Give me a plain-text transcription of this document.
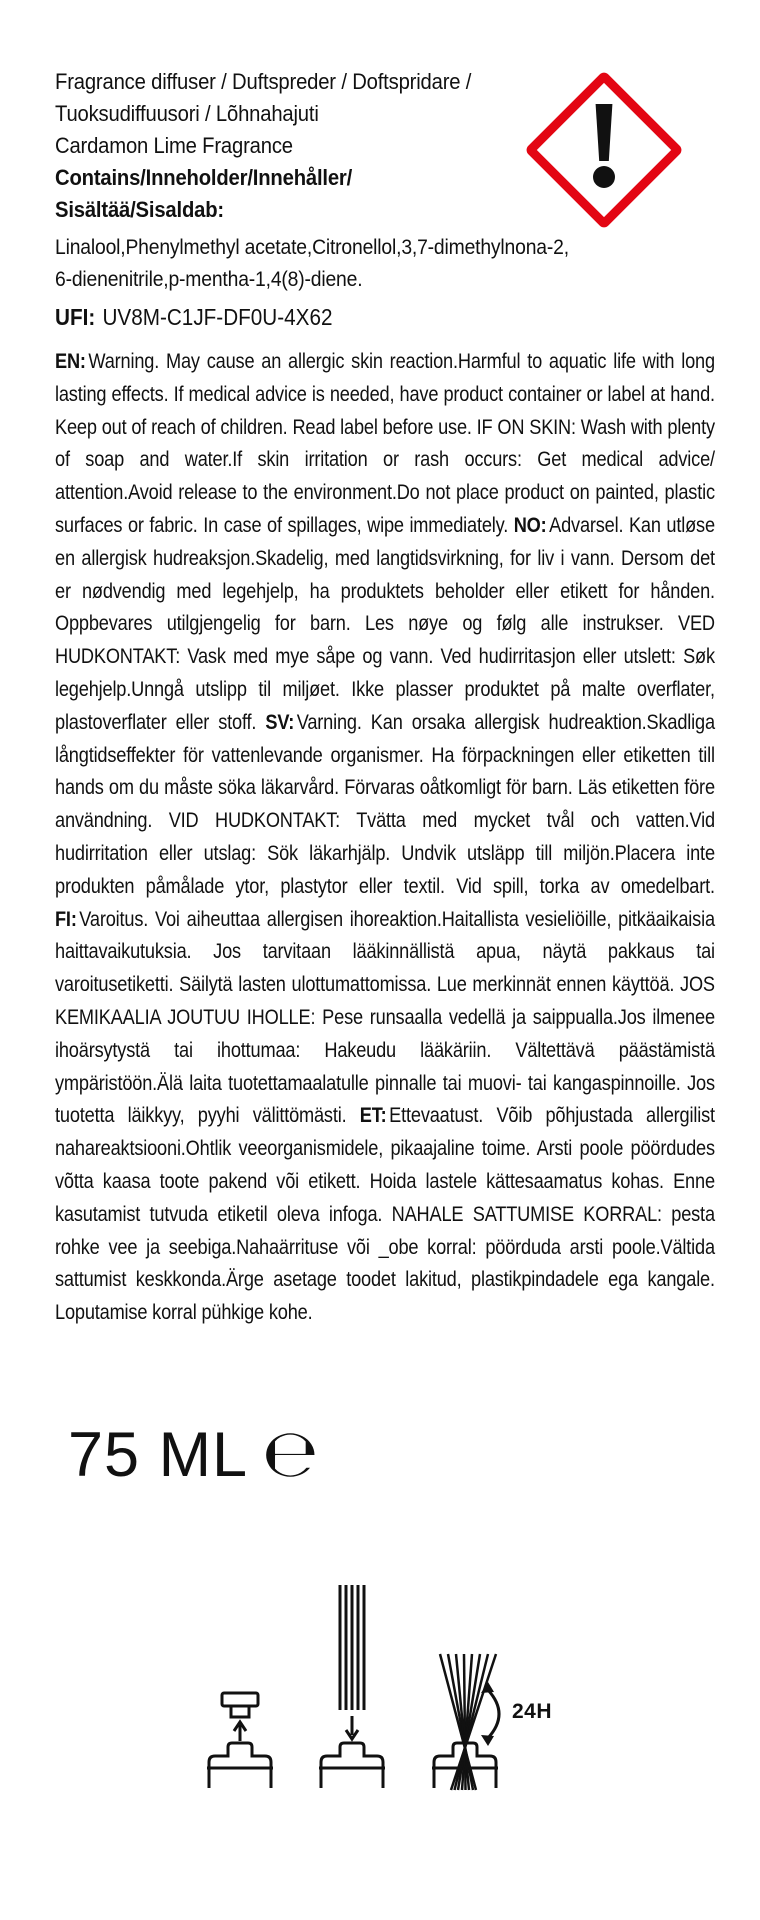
Fragrance diffuser / Duftspreder / Doftspridare /
Tuoksudiffuusori / Lõhnahajuti
Cardamon Lime Fragrance
Contains/Inneholder/Innehåller/
Sisältää/Sisaldab:
Linalool,Phenylmethyl acetate,Citronellol,3,7-dimethylnona-2,
6-dienenitrile,p-mentha-1,4(8)-diene.
UFI: UV8M-C1JF-DF0U-4X62
EN: Warning. May cause an allergic skin reaction.Harmful to aquatic life with long lasting effects. If medical advice is needed, have product container or label at hand. Keep out of reach of children. Read label before use. IF ON SKIN: Wash with plenty of soap and water.If skin irritation or rash occurs: Get medical advice/ attention.Avoid release to the environment.Do not place product on painted, plastic surfaces or fabric. In case of spillages, wipe immediately. NO: Advarsel. Kan utløse en allergisk hudreaksjon.Skadelig, med langtidsvirkning, for liv i vann. Dersom det er nødvendig med legehjelp, ha produktets beholder eller etikett for hånden. Oppbevares utilgjengelig for barn. Les nøye og følg alle instrukser. VED HUDKONTAKT: Vask med mye såpe og vann. Ved hudirritasjon eller utslett: Søk legehjelp.Unngå utslipp til miljøet. Ikke plasser produktet på malte overflater, plastoverflater eller stoff. SV: Varning. Kan orsaka allergisk hudreaktion.Skadliga långtidseffekter för vattenlevande organismer. Ha förpackningen eller etiketten till hands om du måste söka läkarvård. Förvaras oåtkomligt för barn. Läs etiketten före användning. VID HUDKONTAKT: Tvätta med mycket tvål och vatten.Vid hudirritation eller utslag: Sök läkarhjälp. Undvik utsläpp till miljön.Placera inte produkten påmålade ytor, plastytor eller textil. Vid spill, torka av omedelbart. FI: Varoitus. Voi aiheuttaa allergisen ihoreaktion.Haitallista vesieliöille, pitkäaikaisia haittavaikutuksia. Jos tarvitaan lääkinnällistä apua, näytä pakkaus tai varoitusetiketti. Säilytä lasten ulottumattomissa. Lue merkinnät ennen käyttöä. JOS KEMIKAALIA JOUTUU IHOLLE: Pese runsaalla vedellä ja saippualla.Jos ilmenee ihoärsytystä tai ihottumaa: Hakeudu lääkäriin. Vältettävä päästämistä ympäristöön.Älä laita tuotettamaalatulle pinnalle tai muovi- tai kangaspinnoille. Jos tuotetta läikkyy, pyyhi välittömästi. ET: Ettevaatust. Võib põhjustada allergilist nahareaktsiooni.Ohtlik veeorganismidele, pikaajaline toime. Arsti poole pöördudes võtta kaasa toote pakend või etikett. Hoida lastele kättesaamatus kohas. Enne kasutamist tutvuda etiketil oleva infoga. NAHALE SATTUMISE KORRAL: pesta rohke vee ja seebiga.Nahaärrituse või _obe korral: pöörduda arsti poole.Vältida sattumist keskkonda.Ärge asetage toodet lakitud, plastikpindadele ega kangale. Loputamise korral pühkige kohe.
75 ML ℮
24H
